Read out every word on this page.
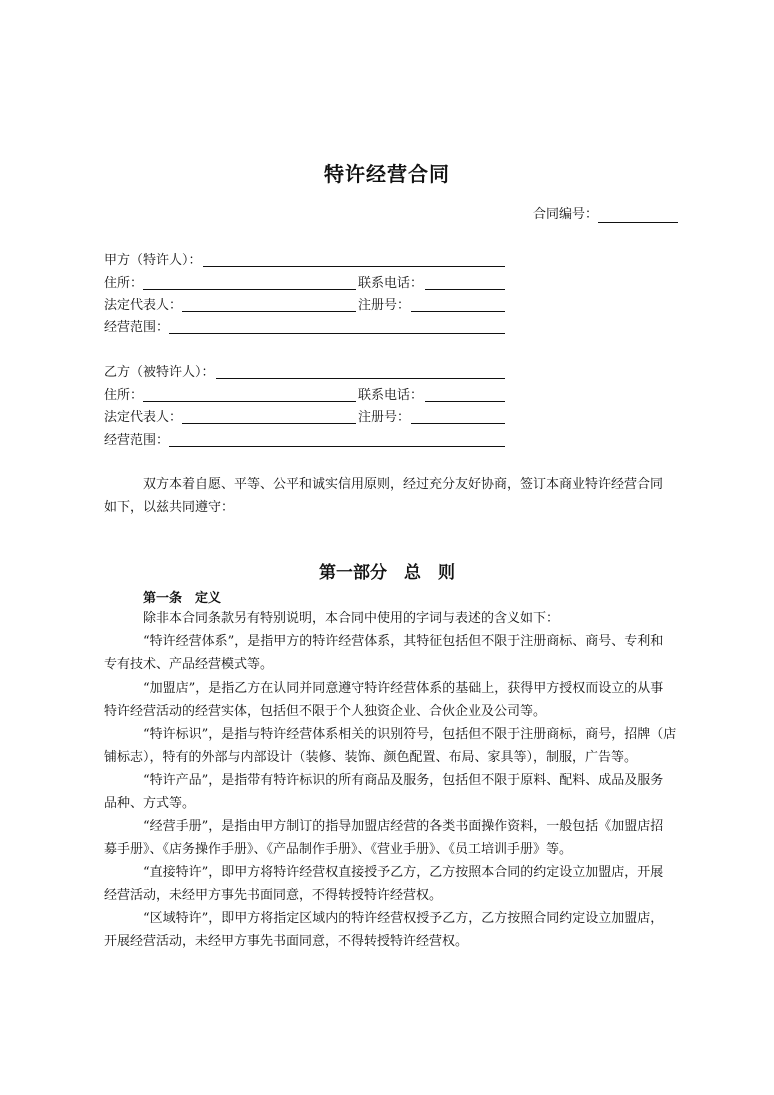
特许经营合同
合同编号：
甲方（特许人）：
住所：	联系电话：
法定代表人：	注册号：
经营范围：
乙方（被特许人）：
住所：	联系电话：
法定代表人：	注册号：
经营范围：
双方本着自愿、平等、公平和诚实信用原则，经过充分友好协商，签订本商业特许经营合同
如下，以兹共同遵守：
第一部分　总　则
第一条 定义
除非本合同条款另有特别说明，本合同中使用的字词与表述的含义如下：
“特许经营体系”，是指甲方的特许经营体系，其特征包括但不限于注册商标、商号、专利和
专有技术、产品经营模式等。
“加盟店”，是指乙方在认同并同意遵守特许经营体系的基础上，获得甲方授权而设立的从事
特许经营活动的经营实体，包括但不限于个人独资企业、合伙企业及公司等。
“特许标识”，是指与特许经营体系相关的识别符号，包括但不限于注册商标，商号，招牌（店
铺标志），特有的外部与内部设计（装修、装饰、颜色配置、布局、家具等），制服，广告等。
“特许产品”，是指带有特许标识的所有商品及服务，包括但不限于原料、配料、成品及服务
品种、方式等。
“经营手册”，是指由甲方制订的指导加盟店经营的各类书面操作资料，一般包括《加盟店招
募手册》、《店务操作手册》、《产品制作手册》、《营业手册》、《员工培训手册》等。
“直接特许”，即甲方将特许经营权直接授予乙方，乙方按照本合同的约定设立加盟店，开展
经营活动，未经甲方事先书面同意，不得转授特许经营权。
“区域特许”，即甲方将指定区域内的特许经营权授予乙方，乙方按照合同约定设立加盟店，
开展经营活动，未经甲方事先书面同意，不得转授特许经营权。
